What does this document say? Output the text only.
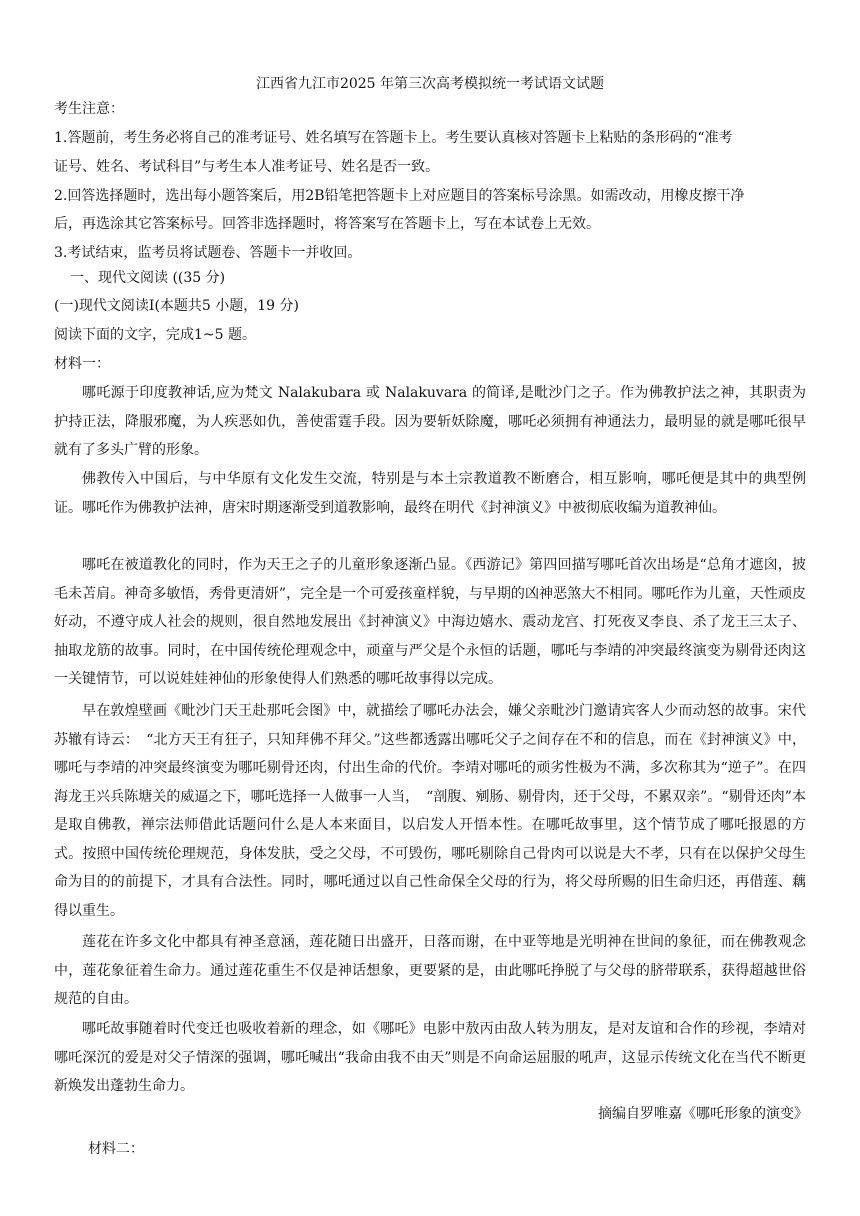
江西省九江市2025 年第三次高考模拟统一考试语文试题
考生注意：
1.答题前，考生务必将自己的准考证号、姓名填写在答题卡上。考生要认真核对答题卡上粘贴的条形码的“准考
证号、姓名、考试科目”与考生本人准考证号、姓名是否一致。
2.回答选择题时，选出每小题答案后，用2B铅笔把答题卡上对应题目的答案标号涂黑。如需改动，用橡皮擦干净
后，再选涂其它答案标号。回答非选择题时，将答案写在答题卡上，写在本试卷上无效。
3.考试结束，监考员将试题卷、答题卡一并收回。
一、现代文阅读 ((35 分)
(一)现代文阅读Ⅰ(本题共5 小题，19 分)
阅读下面的文字，完成1~5 题。
材料一：

哪吒源于印度教神话,应为梵文 Nalakubara 或 Nalakuvara 的简译,是毗沙门之子。作为佛教护法之神，其职责为护持正法，降服邪魔，为人疾恶如仇，善使雷霆手段。因为要斩妖除魔，哪吒必须拥有神通法力，最明显的就是哪吒很早就有了多头广臂的形象。

佛教传入中国后，与中华原有文化发生交流，特别是与本土宗教道教不断磨合，相互影响，哪吒便是其中的典型例证。哪吒作为佛教护法神，唐宋时期逐渐受到道教影响，最终在明代《封神演义》中被彻底收编为道教神仙。

哪吒在被道教化的同时，作为天王之子的儿童形象逐渐凸显。《西游记》第四回描写哪吒首次出场是“总角才遮囟，披毛未苫肩。神奇多敏悟，秀骨更清妍”，完全是一个可爱孩童样貌，与早期的凶神恶煞大不相同。哪吒作为儿童，天性顽皮好动，不遵守成人社会的规则，很自然地发展出《封神演义》中海边嬉水、震动龙宫、打死夜叉李良、杀了龙王三太子、抽取龙筋的故事。同时，在中国传统伦理观念中，顽童与严父是个永恒的话题，哪吒与李靖的冲突最终演变为剔骨还肉这一关键情节，可以说娃娃神仙的形象使得人们熟悉的哪吒故事得以完成。

早在敦煌壁画《毗沙门天王赴那吒会图》中，就描绘了哪吒办法会，嫌父亲毗沙门邀请宾客人少而动怒的故事。宋代苏辙有诗云：　“北方天王有狂子，只知拜佛不拜父。”这些都透露出哪吒父子之间存在不和的信息，而在《封神演义》中，哪吒与李靖的冲突最终演变为哪吒剔骨还肉，付出生命的代价。李靖对哪吒的顽劣性极为不满，多次称其为“逆子”。在四海龙王兴兵陈塘关的威逼之下，哪吒选择一人做事一人当，　“剖腹、剜肠、剔骨肉，还于父母，不累双亲”。“剔骨还肉”本是取自佛教，禅宗法师借此话题问什么是人本来面目，以启发人开悟本性。在哪吒故事里，这个情节成了哪吒报恩的方式。按照中国传统伦理规范，身体发肤，受之父母，不可毁伤，哪吒剔除自己骨肉可以说是大不孝，只有在以保护父母生命为目的的前提下，才具有合法性。同时，哪吒通过以自己性命保全父母的行为，将父母所赐的旧生命归还，再借莲、藕得以重生。

莲花在许多文化中都具有神圣意涵，莲花随日出盛开，日落而谢，在中亚等地是光明神在世间的象征，而在佛教观念中，莲花象征着生命力。通过莲花重生不仅是神话想象，更要紧的是，由此哪吒挣脱了与父母的脐带联系，获得超越世俗规范的自由。

哪吒故事随着时代变迁也吸收着新的理念，如《哪吒》电影中敖丙由敌人转为朋友，是对友谊和合作的珍视，李靖对哪吒深沉的爱是对父子情深的强调，哪吒喊出“我命由我不由天”则是不向命运屈服的吼声，这显示传统文化在当代不断更新焕发出蓬勃生命力。

摘编自罗唯嘉《哪吒形象的演变》
材料二：
